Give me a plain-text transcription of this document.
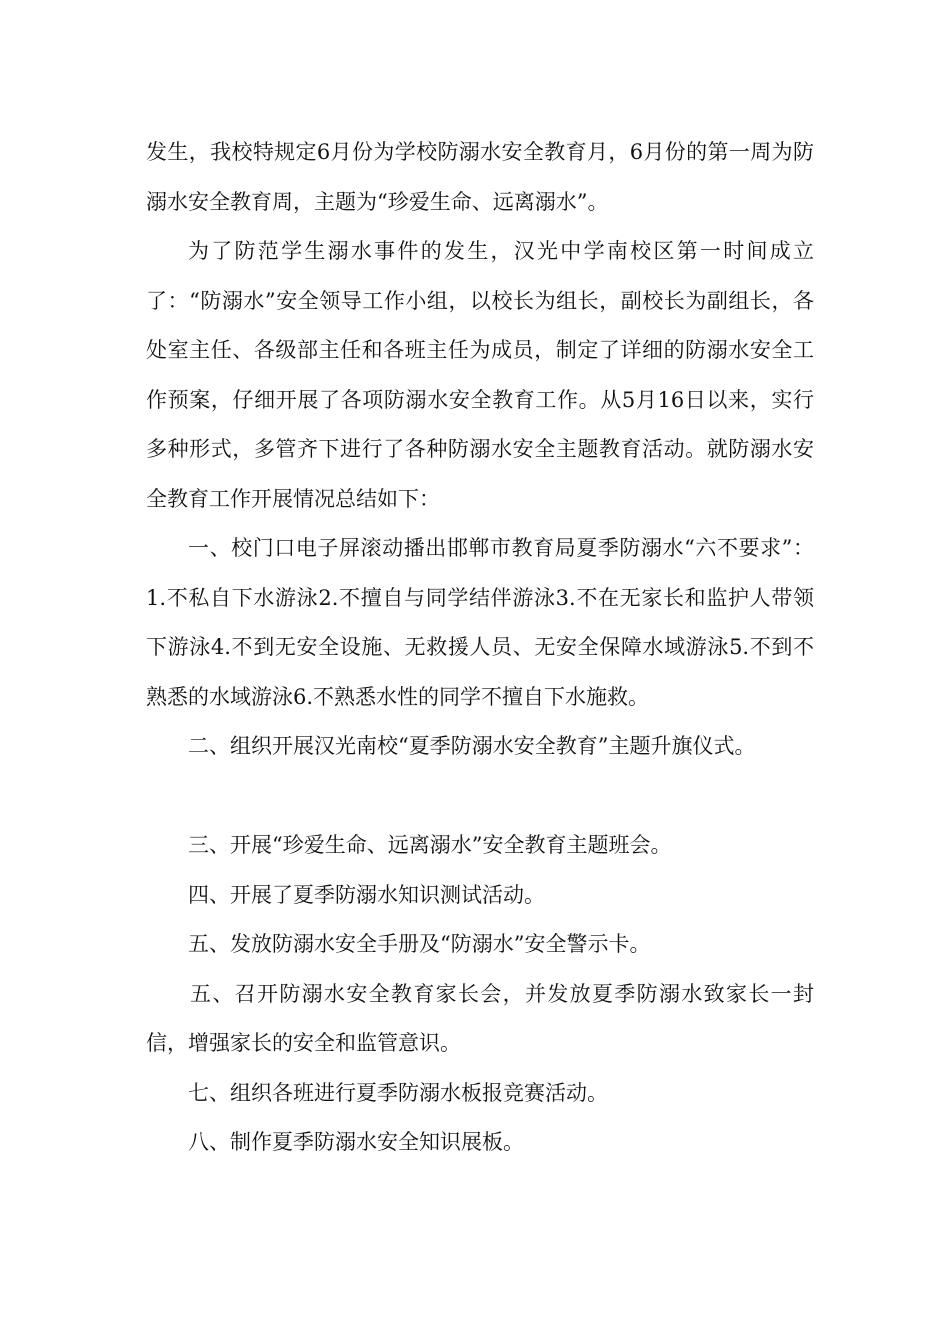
发生，我校特规定6月份为学校防溺水安全教育月，6月份的第一周为防溺水安全教育周，主题为“珍爱生命、远离溺水”。

为了防范学生溺水事件的发生，汉光中学南校区第一时间成立了：“防溺水”安全领导工作小组，以校长为组长，副校长为副组长，各处室主任、各级部主任和各班主任为成员，制定了详细的防溺水安全工作预案，仔细开展了各项防溺水安全教育工作。从5月16日以来，实行多种形式，多管齐下进行了各种防溺水安全主题教育活动。就防溺水安全教育工作开展情况总结如下：

一、校门口电子屏滚动播出邯郸市教育局夏季防溺水“六不要求”：1.不私自下水游泳2.不擅自与同学结伴游泳3.不在无家长和监护人带领下游泳4.不到无安全设施、无救援人员、无安全保障水域游泳5.不到不熟悉的水域游泳6.不熟悉水性的同学不擅自下水施救。

二、组织开展汉光南校“夏季防溺水安全教育”主题升旗仪式。

三、开展“珍爱生命、远离溺水”安全教育主题班会。

四、开展了夏季防溺水知识测试活动。

五、发放防溺水安全手册及“防溺水”安全警示卡。

五、召开防溺水安全教育家长会，并发放夏季防溺水致家长一封信，增强家长的安全和监管意识。

七、组织各班进行夏季防溺水板报竞赛活动。

八、制作夏季防溺水安全知识展板。
